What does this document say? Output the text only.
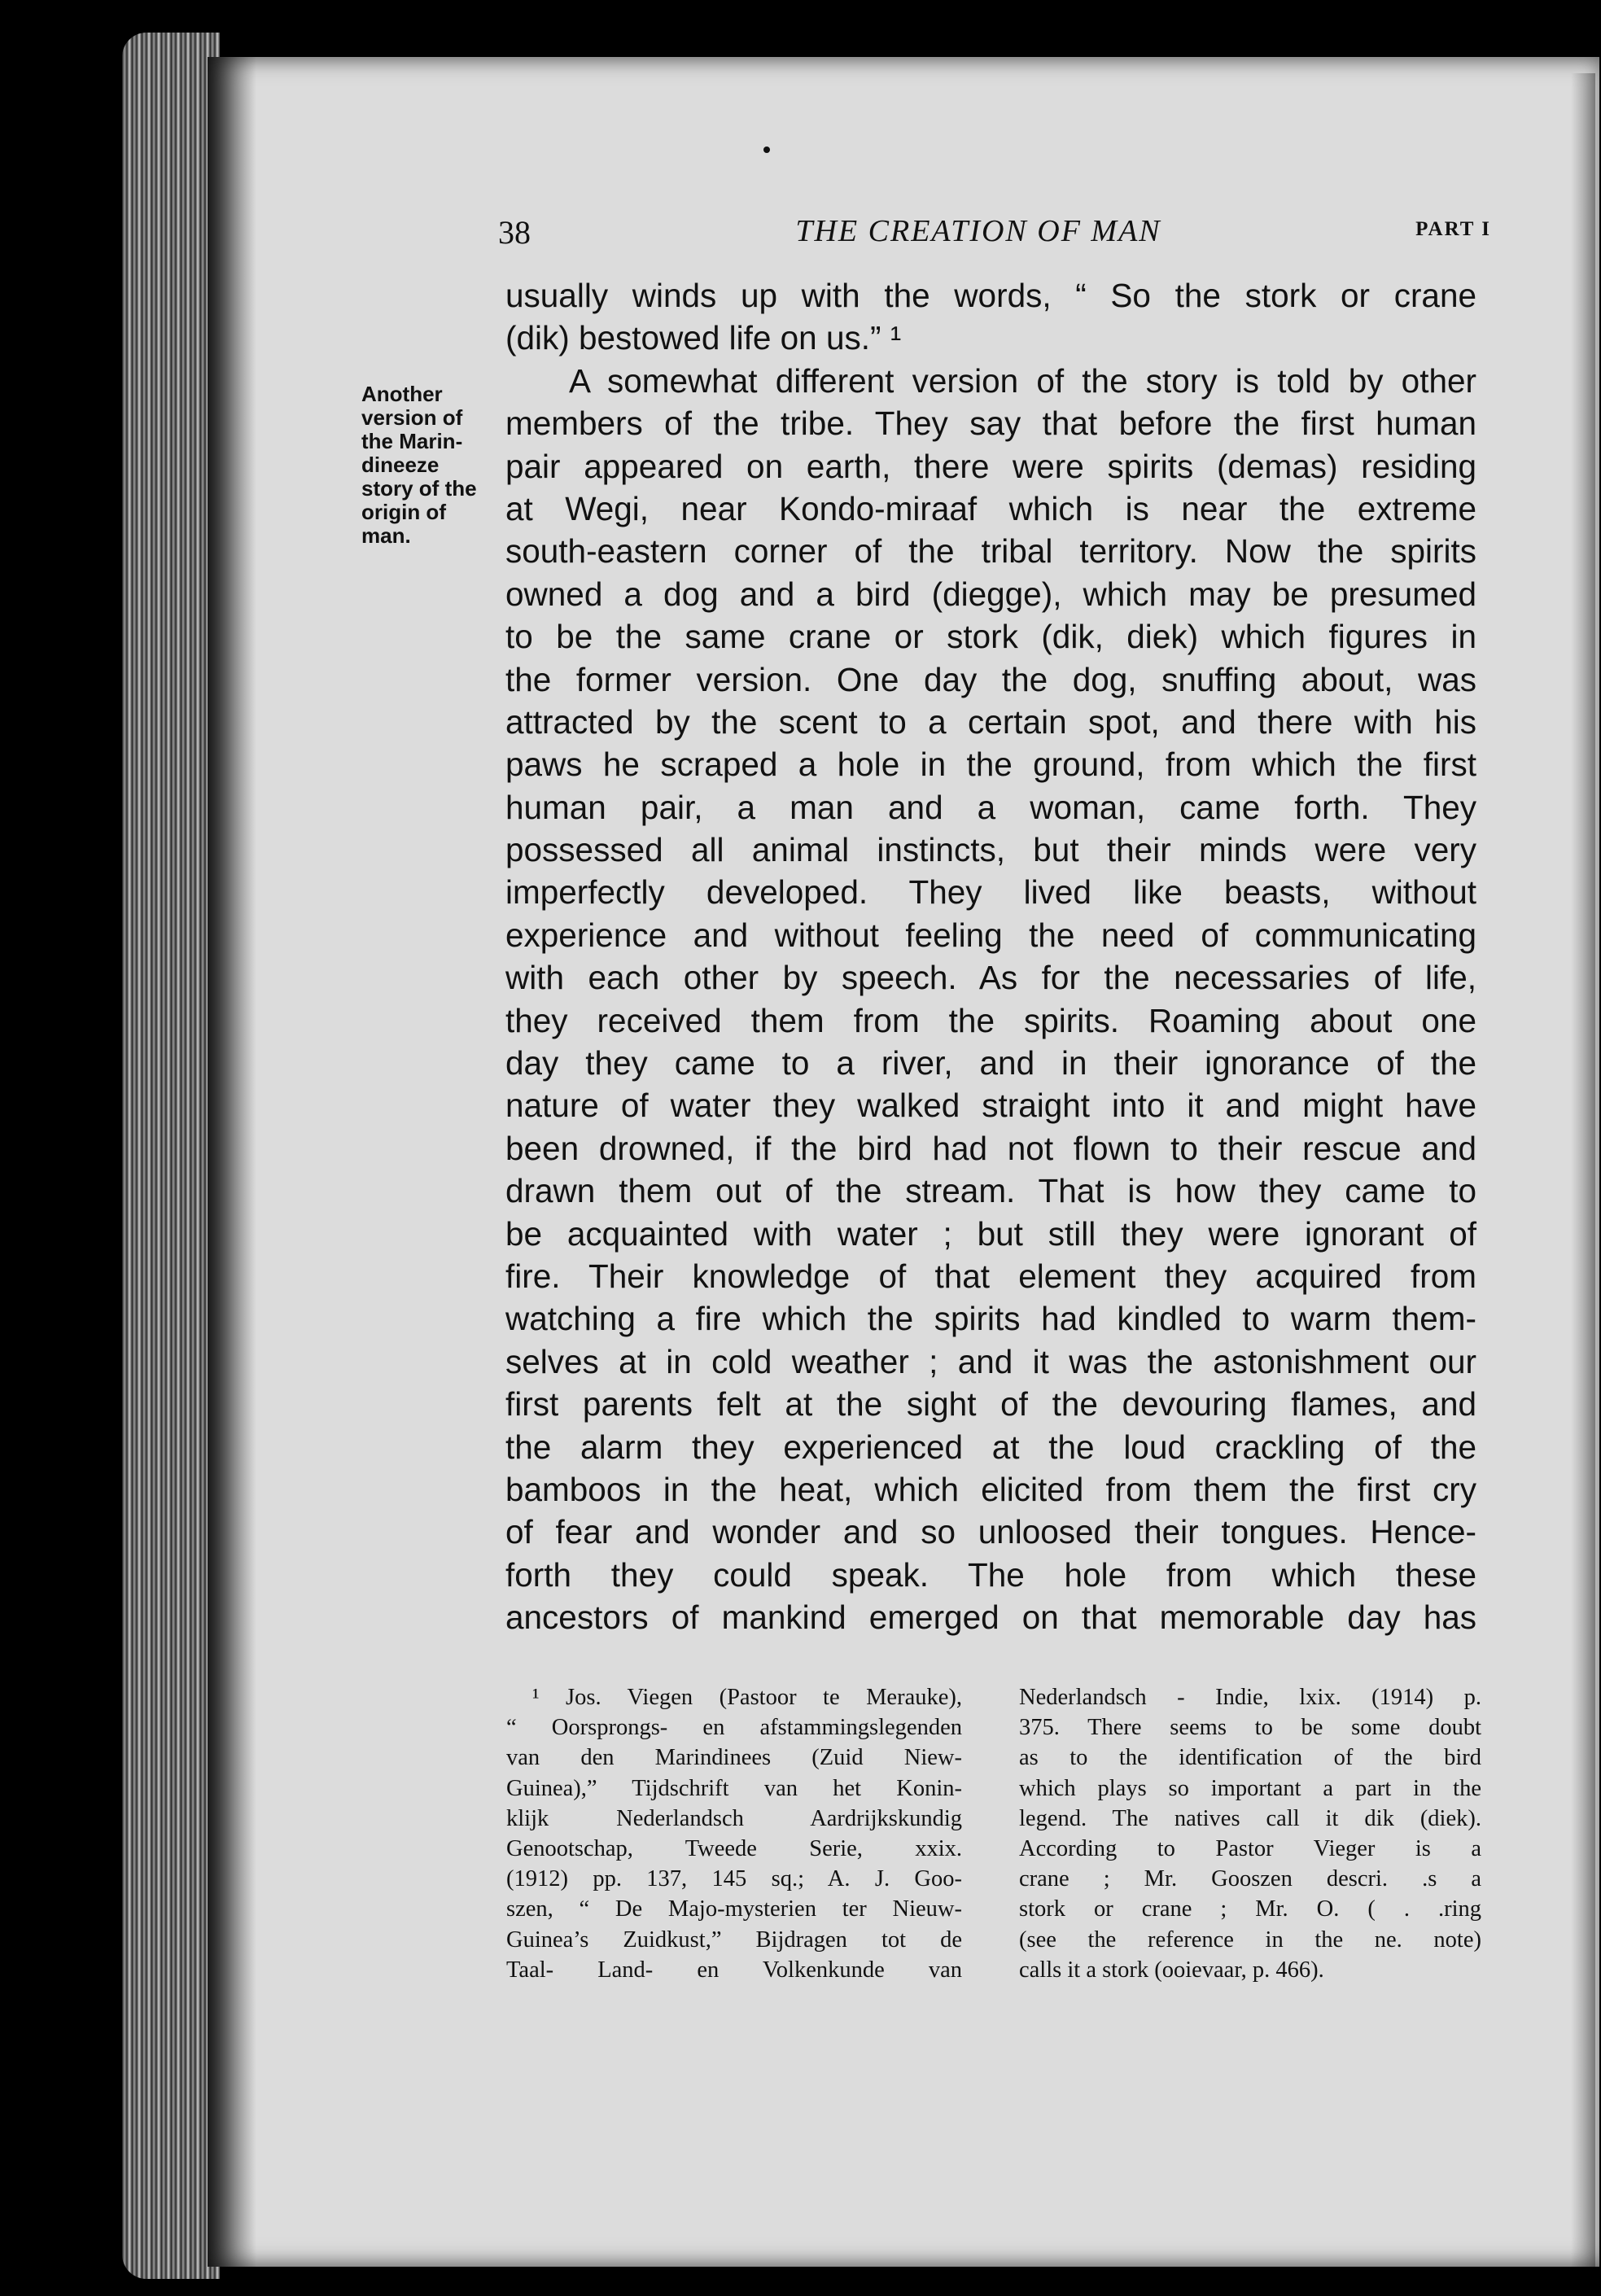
38	THE CREATION OF MAN	PART I
Another
version of
the Marin-
dineeze
story of the
origin of
man.
usually winds up with the words, “ So the stork or crane
(dik) bestowed life on us.” ¹
A somewhat different version of the story is told by other
members of the tribe. They say that before the first human
pair appeared on earth, there were spirits (demas) residing
at Wegi, near Kondo-miraaf which is near the extreme
south-eastern corner of the tribal territory. Now the spirits
owned a dog and a bird (diegge), which may be presumed
to be the same crane or stork (dik, diek) which figures in
the former version. One day the dog, snuffing about, was
attracted by the scent to a certain spot, and there with his
paws he scraped a hole in the ground, from which the first
human pair, a man and a woman, came forth. They
possessed all animal instincts, but their minds were very
imperfectly developed. They lived like beasts, without
experience and without feeling the need of communicating
with each other by speech. As for the necessaries of life,
they received them from the spirits. Roaming about one
day they came to a river, and in their ignorance of the
nature of water they walked straight into it and might have
been drowned, if the bird had not flown to their rescue and
drawn them out of the stream. That is how they came to
be acquainted with water ; but still they were ignorant of
fire. Their knowledge of that element they acquired from
watching a fire which the spirits had kindled to warm them-
selves at in cold weather ; and it was the astonishment our
first parents felt at the sight of the devouring flames, and
the alarm they experienced at the loud crackling of the
bamboos in the heat, which elicited from them the first cry
of fear and wonder and so unloosed their tongues. Hence-
forth they could speak. The hole from which these
ancestors of mankind emerged on that memorable day has
¹ Jos. Viegen (Pastoor te Merauke),
“ Oorsprongs- en afstammingslegenden
van den Marindinees (Zuid Niew-
Guinea),” Tijdschrift van het Konin-
klijk Nederlandsch Aardrijkskundig
Genootschap, Tweede Serie, xxix.
(1912) pp. 137, 145 sq.; A. J. Goo-
szen, “ De Majo-mysterien ter Nieuw-
Guinea’s Zuidkust,” Bijdragen tot de
Taal- Land- en Volkenkunde van
Nederlandsch - Indie, lxix. (1914) p.
375. There seems to be some doubt
as to the identification of the bird
which plays so important a part in the
legend. The natives call it dik (diek).
According to Pastor Vieger is a
crane ; Mr. Gooszen descri. .s a
stork or crane ; Mr. O. ( . .ring
(see the reference in the ne. note)
calls it a stork (ooievaar, p. 466).
